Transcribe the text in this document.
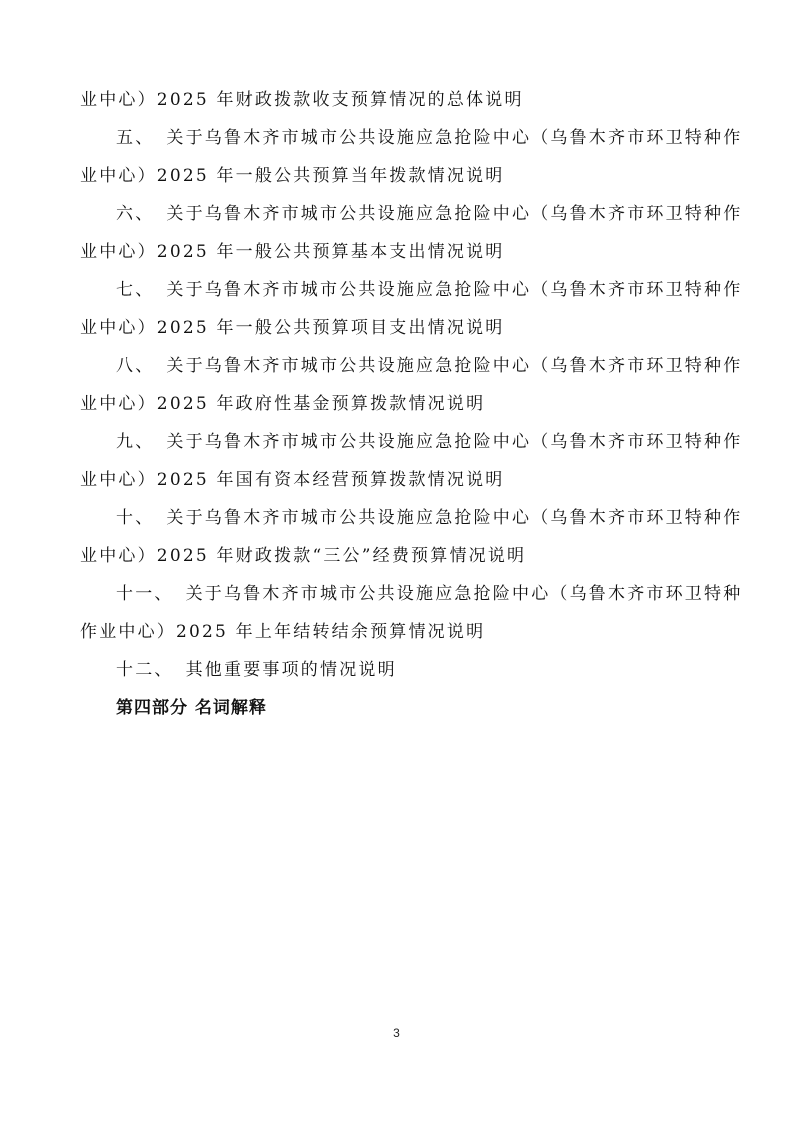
业中心）2025 年财政拨款收支预算情况的总体说明
五、 关于乌鲁木齐市城市公共设施应急抢险中心（乌鲁木齐市环卫特种作
业中心）2025 年一般公共预算当年拨款情况说明
六、 关于乌鲁木齐市城市公共设施应急抢险中心（乌鲁木齐市环卫特种作
业中心）2025 年一般公共预算基本支出情况说明
七、 关于乌鲁木齐市城市公共设施应急抢险中心（乌鲁木齐市环卫特种作
业中心）2025 年一般公共预算项目支出情况说明
八、 关于乌鲁木齐市城市公共设施应急抢险中心（乌鲁木齐市环卫特种作
业中心）2025 年政府性基金预算拨款情况说明
九、 关于乌鲁木齐市城市公共设施应急抢险中心（乌鲁木齐市环卫特种作
业中心）2025 年国有资本经营预算拨款情况说明
十、 关于乌鲁木齐市城市公共设施应急抢险中心（乌鲁木齐市环卫特种作
业中心）2025 年财政拨款“三公”经费预算情况说明
十一、 关于乌鲁木齐市城市公共设施应急抢险中心（乌鲁木齐市环卫特种
作业中心）2025 年上年结转结余预算情况说明
十二、 其他重要事项的情况说明
第四部分 名词解释
3
